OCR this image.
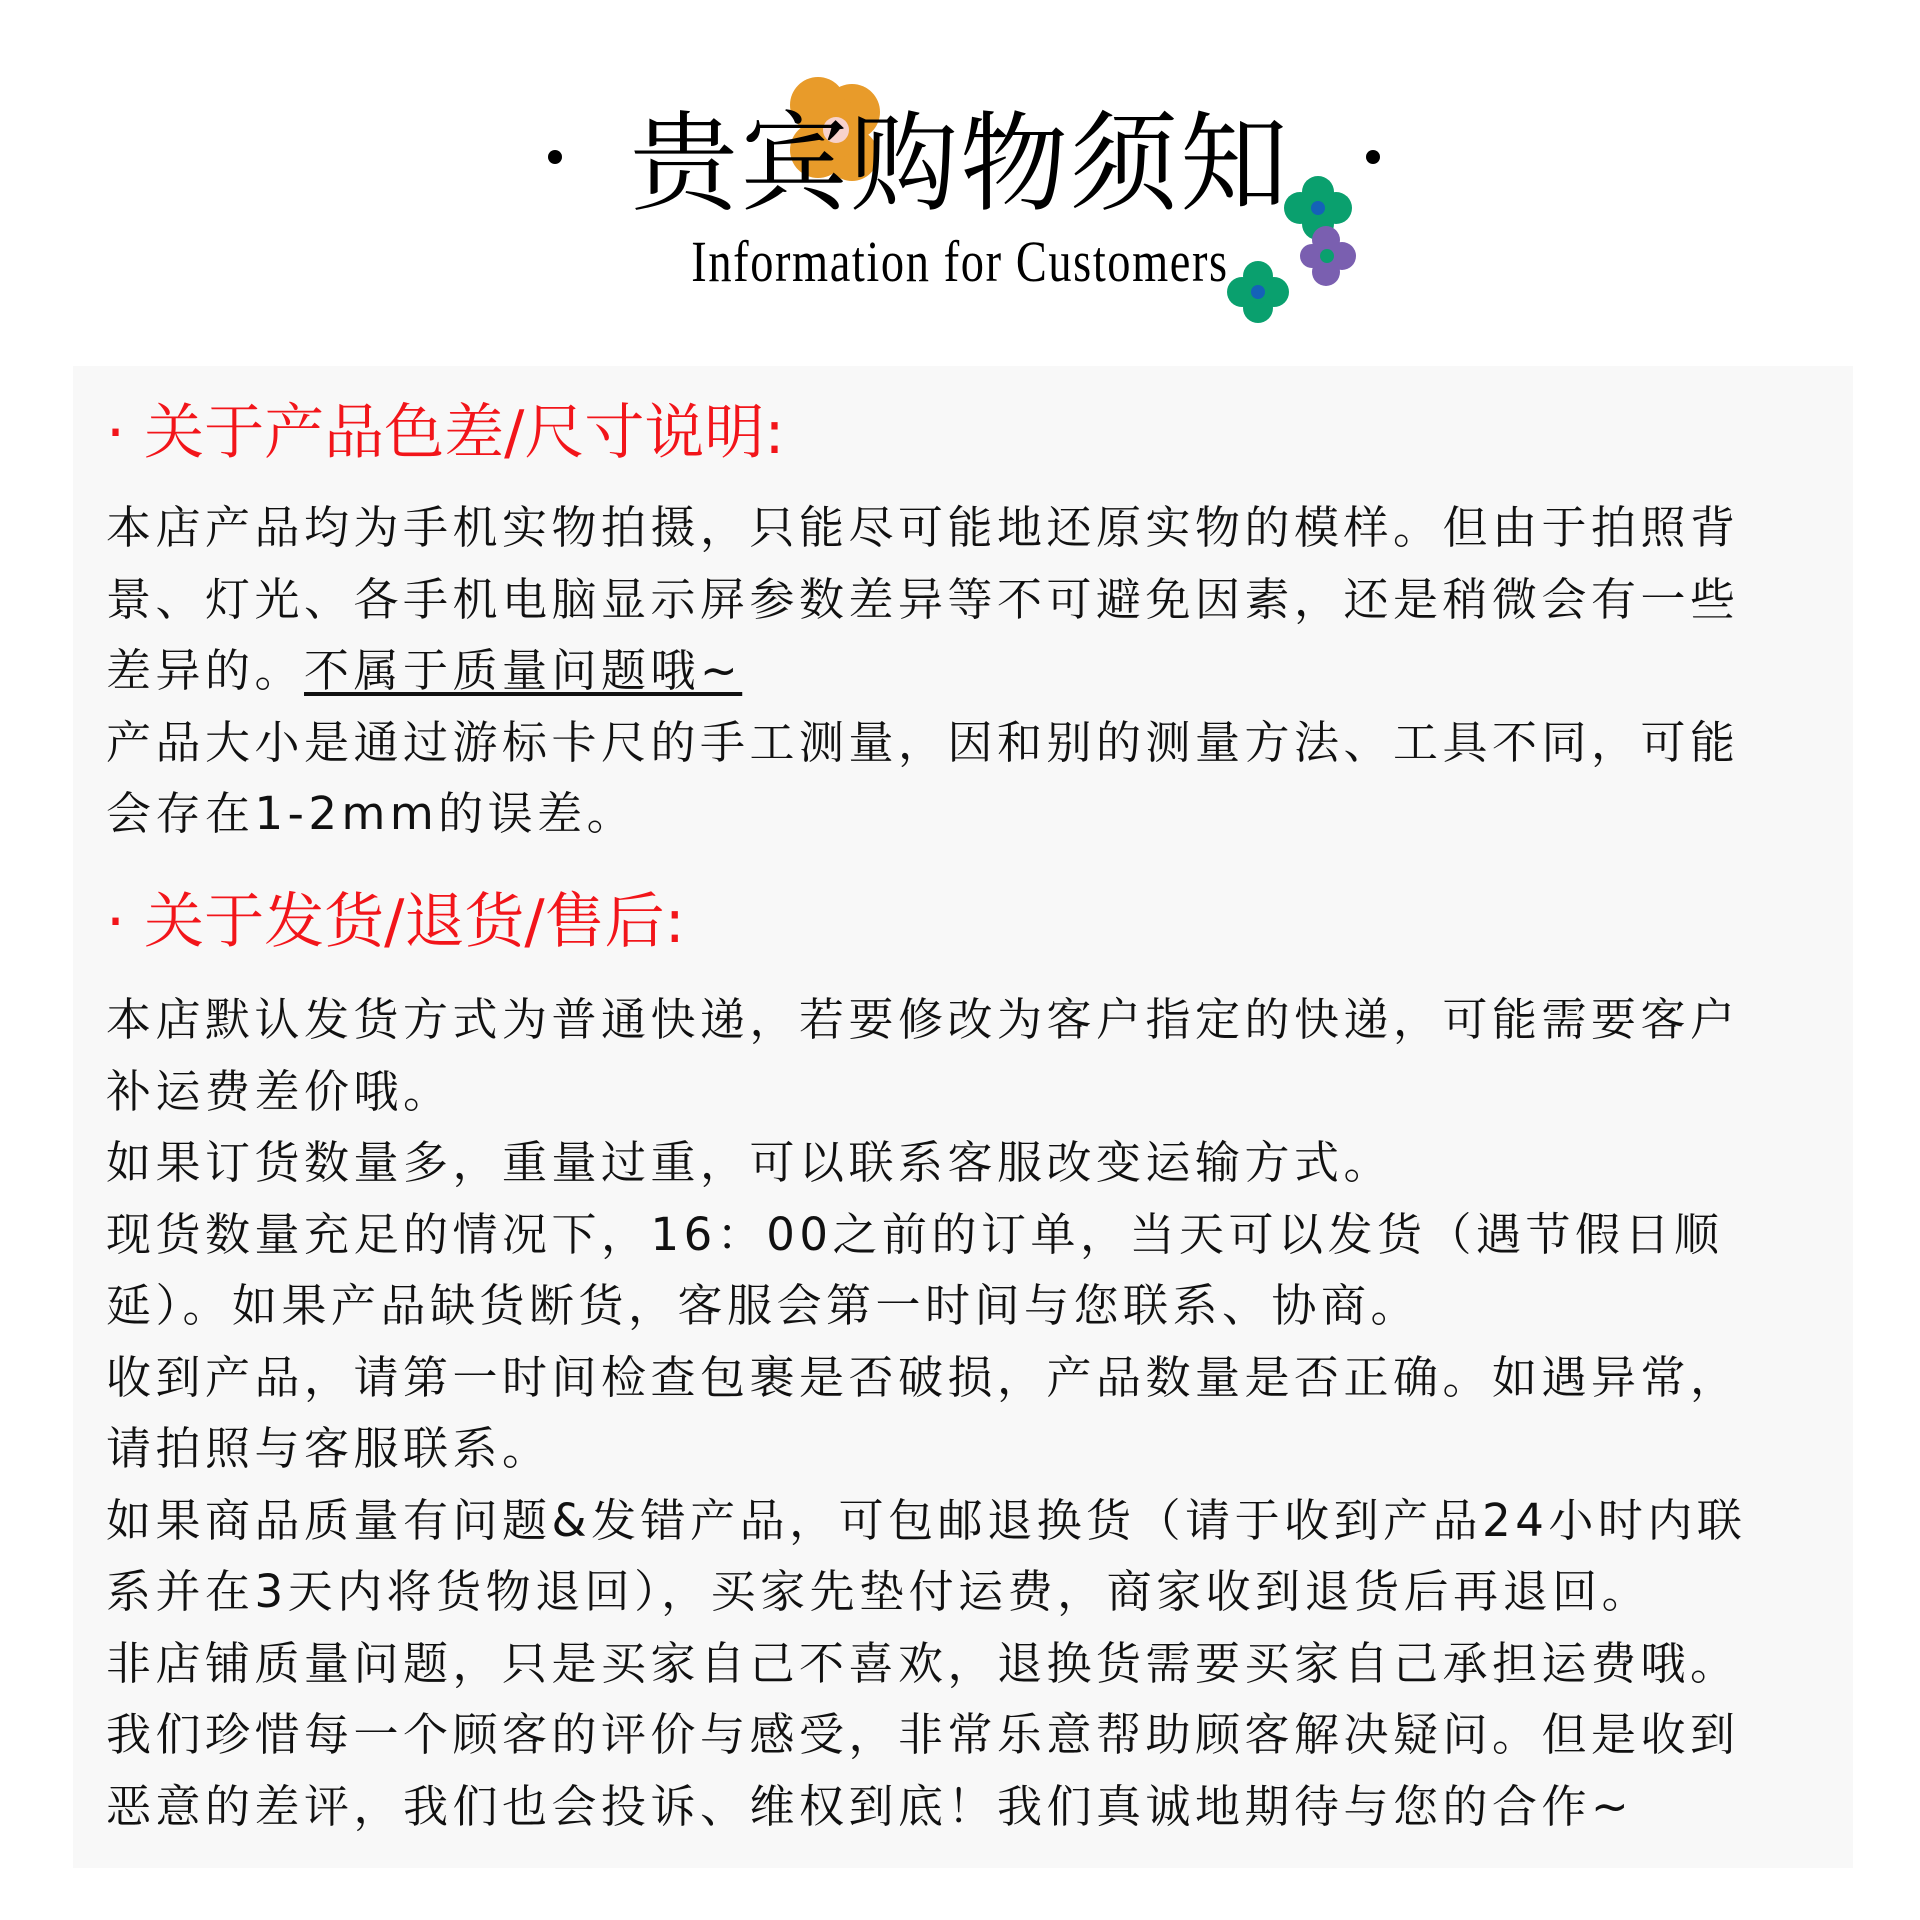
贵宾购物须知
Information for Customers
· 关于产品色差/尺寸说明:
本店产品均为手机实物拍摄，只能尽可能地还原实物的模样。但由于拍照背
景、灯光、各手机电脑显示屏参数差异等不可避免因素，还是稍微会有一些
差异的。不属于质量问题哦~
产品大小是通过游标卡尺的手工测量，因和别的测量方法、工具不同，可能
会存在1-2mm的误差。
· 关于发货/退货/售后:
本店默认发货方式为普通快递，若要修改为客户指定的快递，可能需要客户
补运费差价哦。
如果订货数量多，重量过重，可以联系客服改变运输方式。
现货数量充足的情况下，16：00之前的订单，当天可以发货（遇节假日顺
延）。如果产品缺货断货，客服会第一时间与您联系、协商。
收到产品，请第一时间检查包裹是否破损，产品数量是否正确。如遇异常，
请拍照与客服联系。
如果商品质量有问题&发错产品，可包邮退换货（请于收到产品24小时内联
系并在3天内将货物退回），买家先垫付运费，商家收到退货后再退回。
非店铺质量问题，只是买家自己不喜欢，退换货需要买家自己承担运费哦。
我们珍惜每一个顾客的评价与感受，非常乐意帮助顾客解决疑问。但是收到
恶意的差评，我们也会投诉、维权到底！我们真诚地期待与您的合作~
